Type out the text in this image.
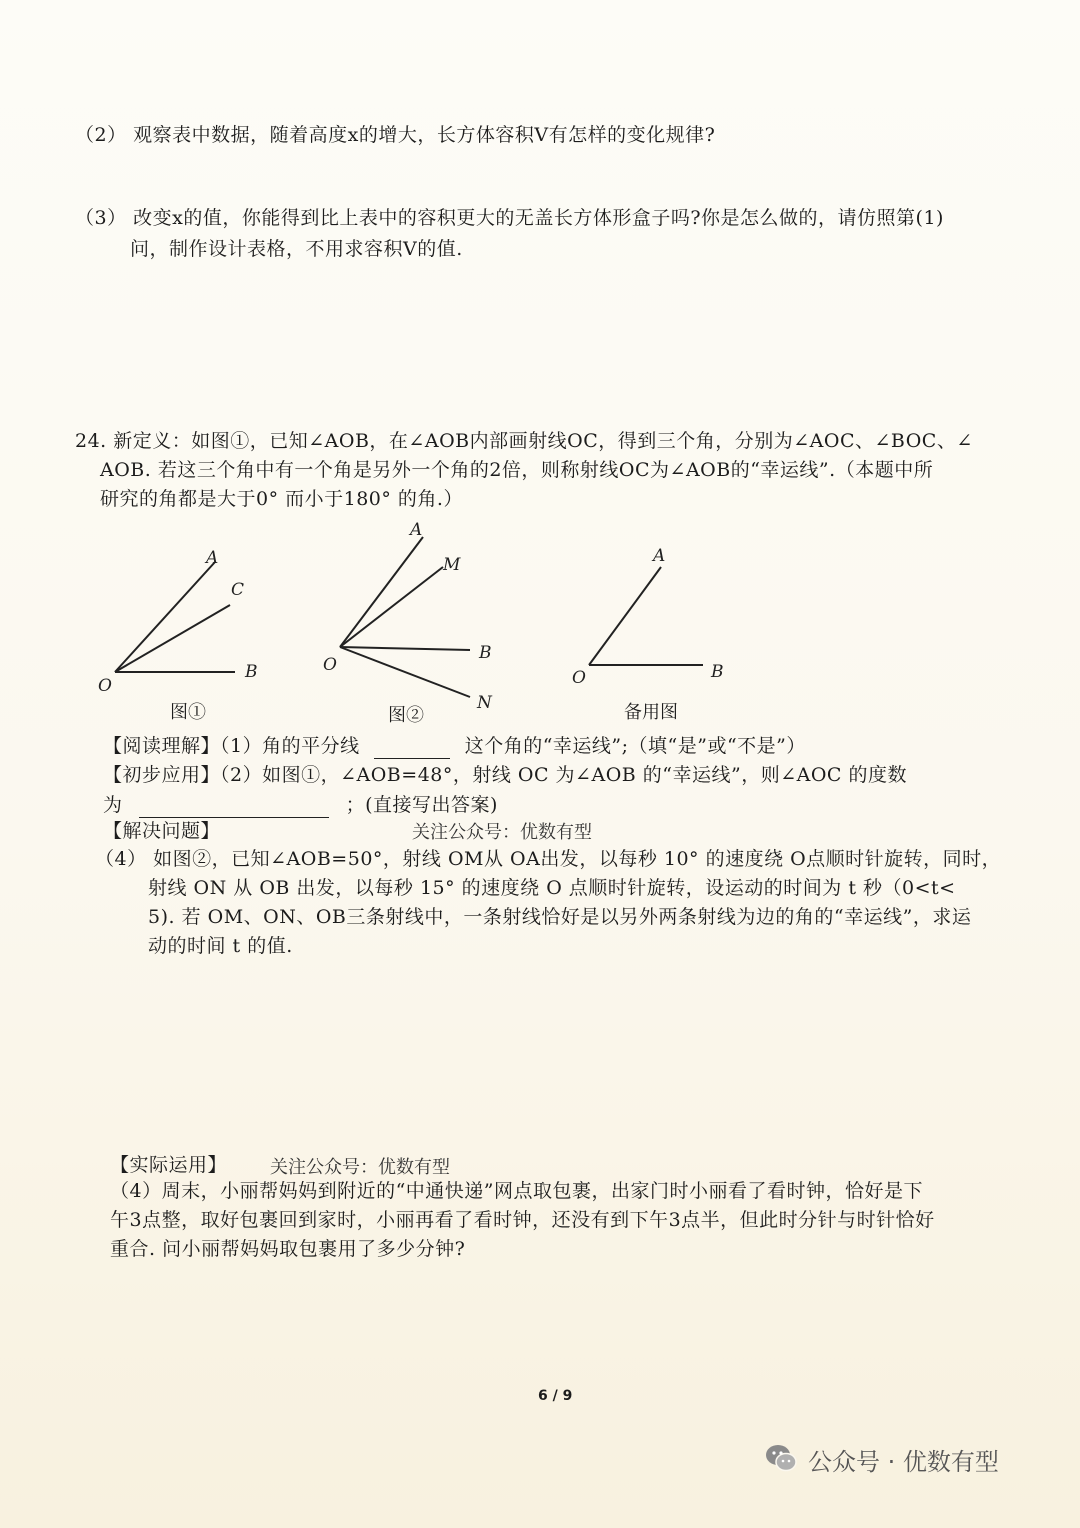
（2） 观察表中数据，随着高度x的增大，长方体容积V有怎样的变化规律?
（3） 改变x的值，你能得到比上表中的容积更大的无盖长方体形盒子吗?你是怎么做的，请仿照第(1)
问，制作设计表格，不用求容积V的值.
24. 新定义：如图①，已知∠AOB，在∠AOB内部画射线OC，得到三个角，分别为∠AOC、∠BOC、∠
AOB. 若这三个角中有一个角是另外一个角的2倍，则称射线OC为∠AOB的“幸运线”.（本题中所
研究的角都是大于0° 而小于180° 的角.）
O
A
C
B	O
A
M
B
N
O
A
B
图①	图②	备用图
【阅读理解】（1）角的平分线	这个角的“幸运线”;（填“是”或“不是”）
【初步应用】（2）如图①，∠AOB=48°，射线 OC 为∠AOB 的“幸运线”，则∠AOC 的度数
为	；(直接写出答案)
【解决问题】	关注公众号：优数有型
（4） 如图②，已知∠AOB=50°，射线 OM从 OA出发，以每秒 10° 的速度绕 O点顺时针旋转，同时，
射线 ON 从 OB 出发，以每秒 15° 的速度绕 O 点顺时针旋转，设运动的时间为 t 秒（0<t<
5). 若 OM、ON、OB三条射线中，一条射线恰好是以另外两条射线为边的角的“幸运线”，求运
动的时间 t 的值.
【实际运用】 关注公众号：优数有型
（4）周末，小丽帮妈妈到附近的“中通快递”网点取包裹，出家门时小丽看了看时钟，恰好是下
午3点整，取好包裹回到家时，小丽再看了看时钟，还没有到下午3点半，但此时分针与时针恰好
重合. 问小丽帮妈妈取包裹用了多少分钟?
6 / 9
公众号 · 优数有型
